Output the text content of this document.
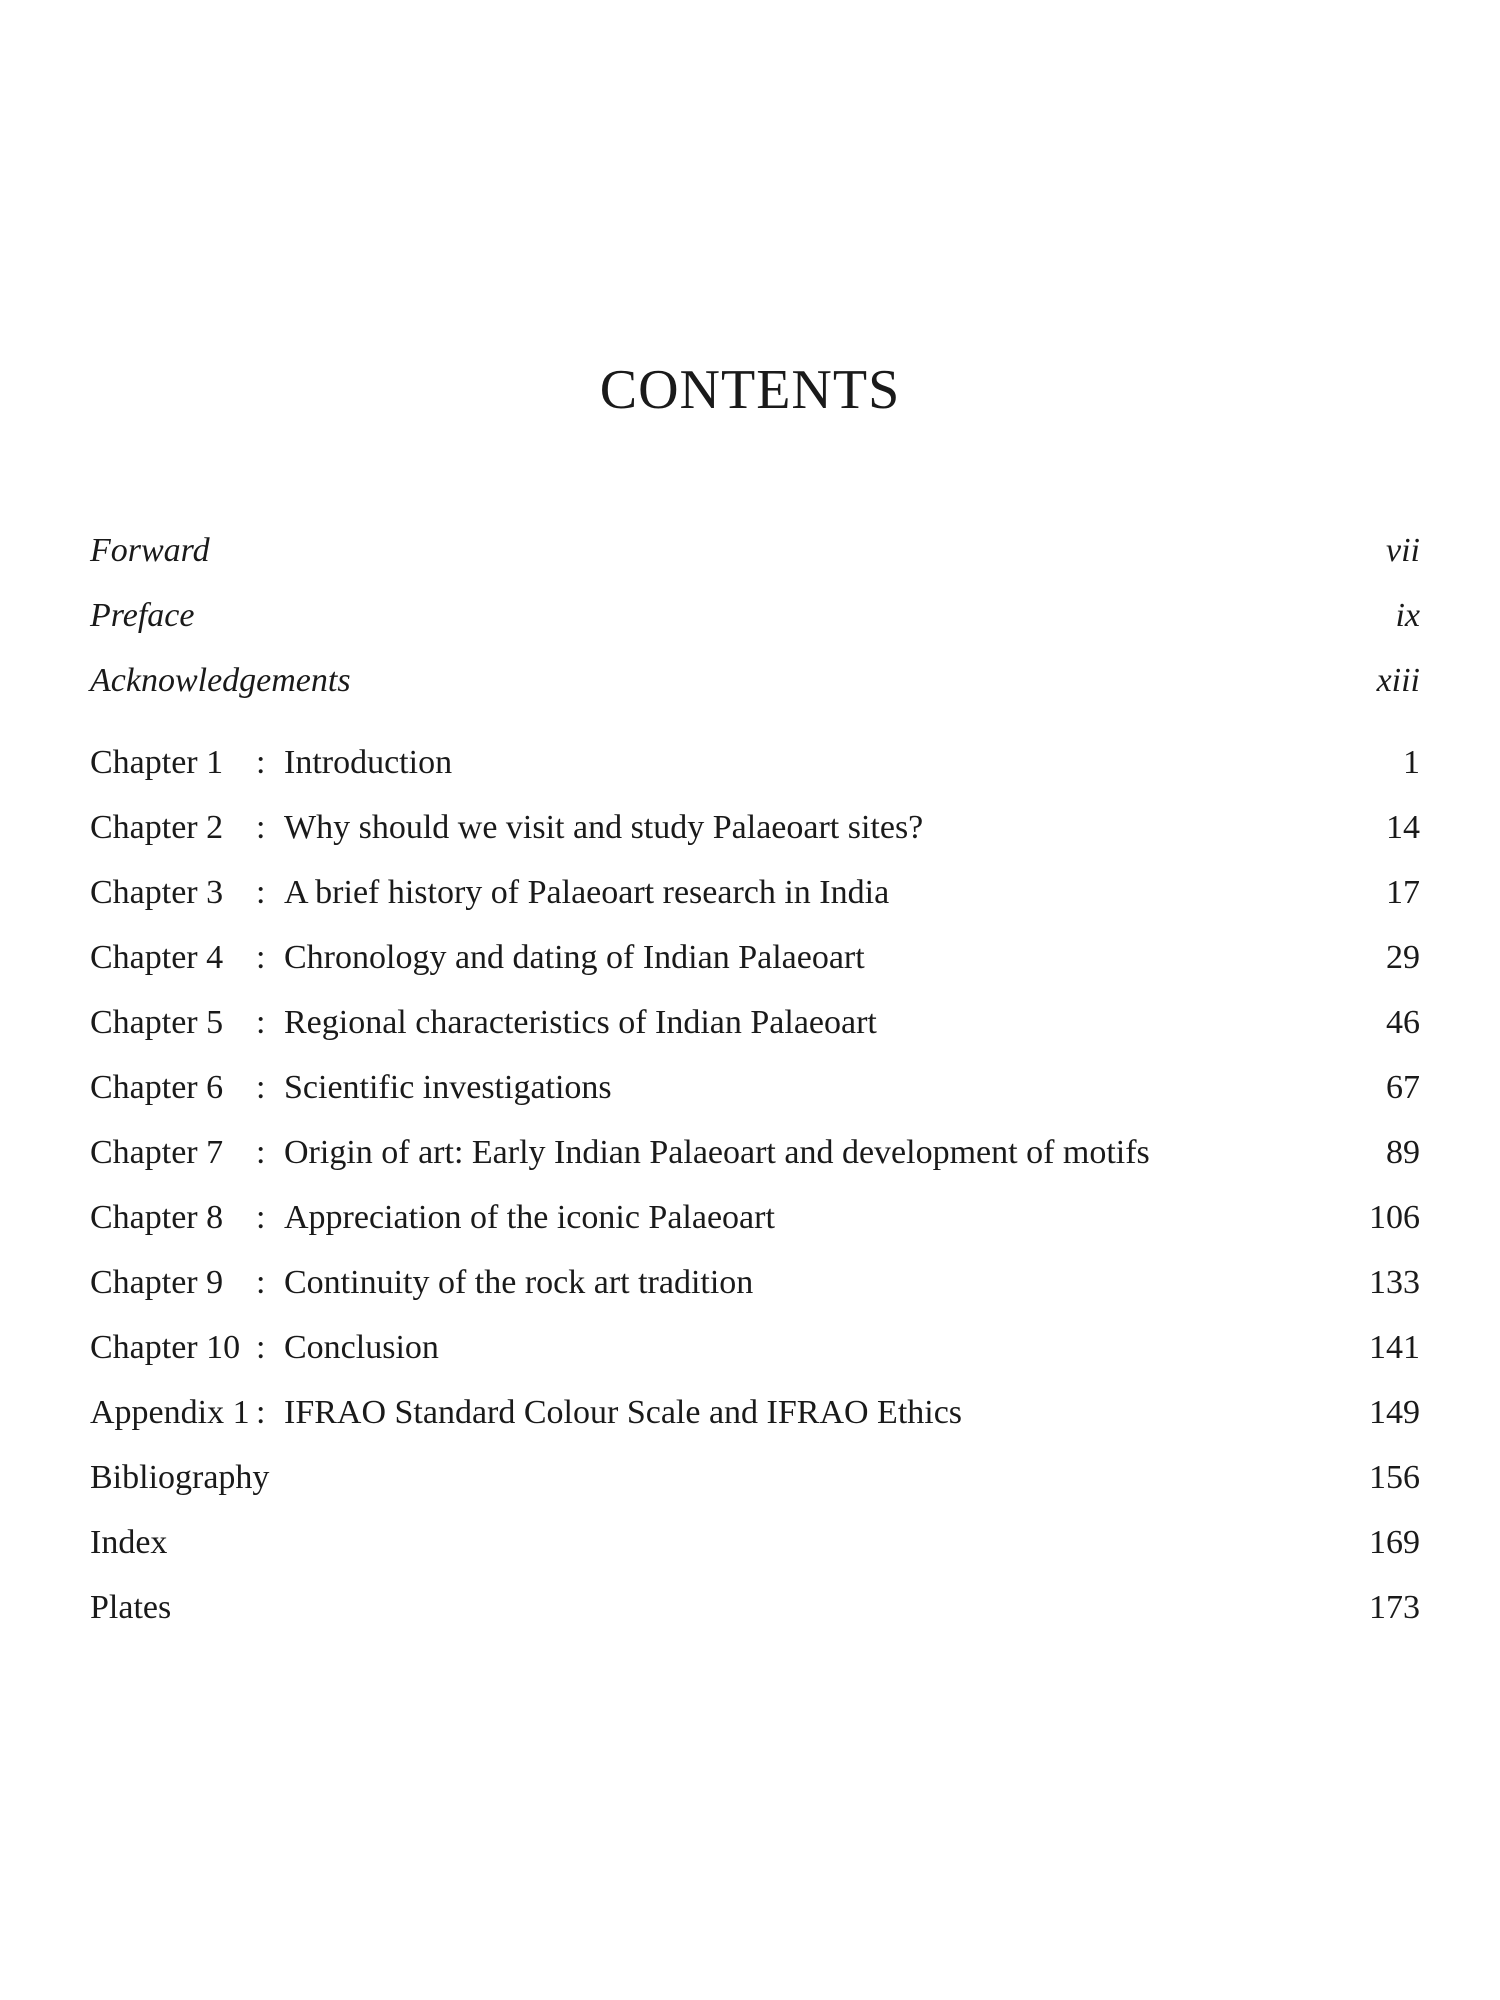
CONTENTS
Forward	vii
Preface	ix
Acknowledgements	xiii
Chapter 1 : Introduction	1
Chapter 2 : Why should we visit and study Palaeoart sites?	14
Chapter 3 : A brief history of Palaeoart research in India	17
Chapter 4 : Chronology and dating of Indian Palaeoart	29
Chapter 5 : Regional characteristics of Indian Palaeoart	46
Chapter 6 : Scientific investigations	67
Chapter 7 : Origin of art: Early Indian Palaeoart and development of motifs	89
Chapter 8 : Appreciation of the iconic Palaeoart	106
Chapter 9 : Continuity of the rock art tradition	133
Chapter 10 : Conclusion	141
Appendix 1 : IFRAO Standard Colour Scale and IFRAO Ethics	149
Bibliography	156
Index	169
Plates	173
